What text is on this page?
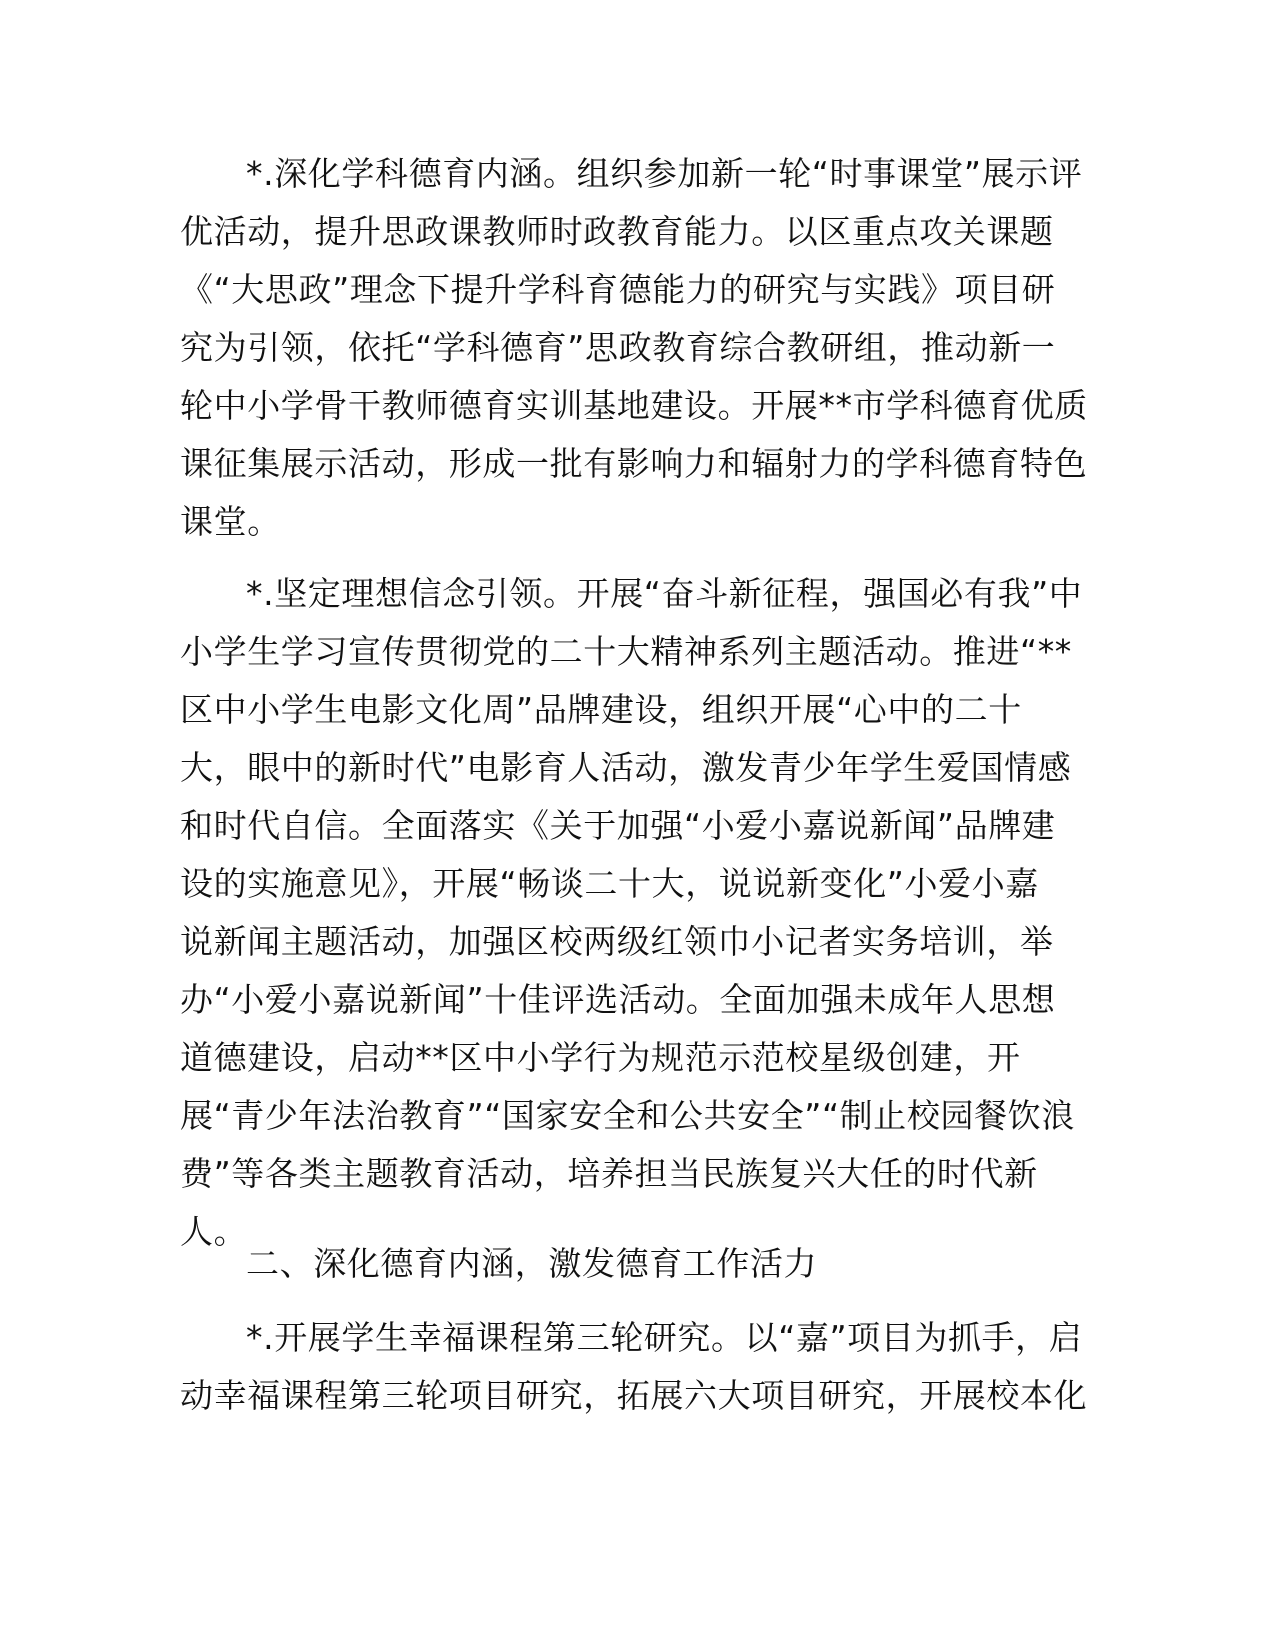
*.深化学科德育内涵。组织参加新一轮“时事课堂”展示评
优活动，提升思政课教师时政教育能力。以区重点攻关课题
《“大思政”理念下提升学科育德能力的研究与实践》项目研
究为引领，依托“学科德育”思政教育综合教研组，推动新一
轮中小学骨干教师德育实训基地建设。开展**市学科德育优质
课征集展示活动，形成一批有影响力和辐射力的学科德育特色
课堂。
*.坚定理想信念引领。开展“奋斗新征程，强国必有我”中
小学生学习宣传贯彻党的二十大精神系列主题活动。推进“**
区中小学生电影文化周”品牌建设，组织开展“心中的二十
大，眼中的新时代”电影育人活动，激发青少年学生爱国情感
和时代自信。全面落实《关于加强“小爱小嘉说新闻”品牌建
设的实施意见》，开展“畅谈二十大，说说新变化”小爱小嘉
说新闻主题活动，加强区校两级红领巾小记者实务培训，举
办“小爱小嘉说新闻”十佳评选活动。全面加强未成年人思想
道德建设，启动**区中小学行为规范示范校星级创建，开
展“青少年法治教育”“国家安全和公共安全”“制止校园餐饮浪
费”等各类主题教育活动，培养担当民族复兴大任的时代新
人。
二、深化德育内涵，激发德育工作活力
*.开展学生幸福课程第三轮研究。以“嘉”项目为抓手，启
动幸福课程第三轮项目研究，拓展六大项目研究，开展校本化
